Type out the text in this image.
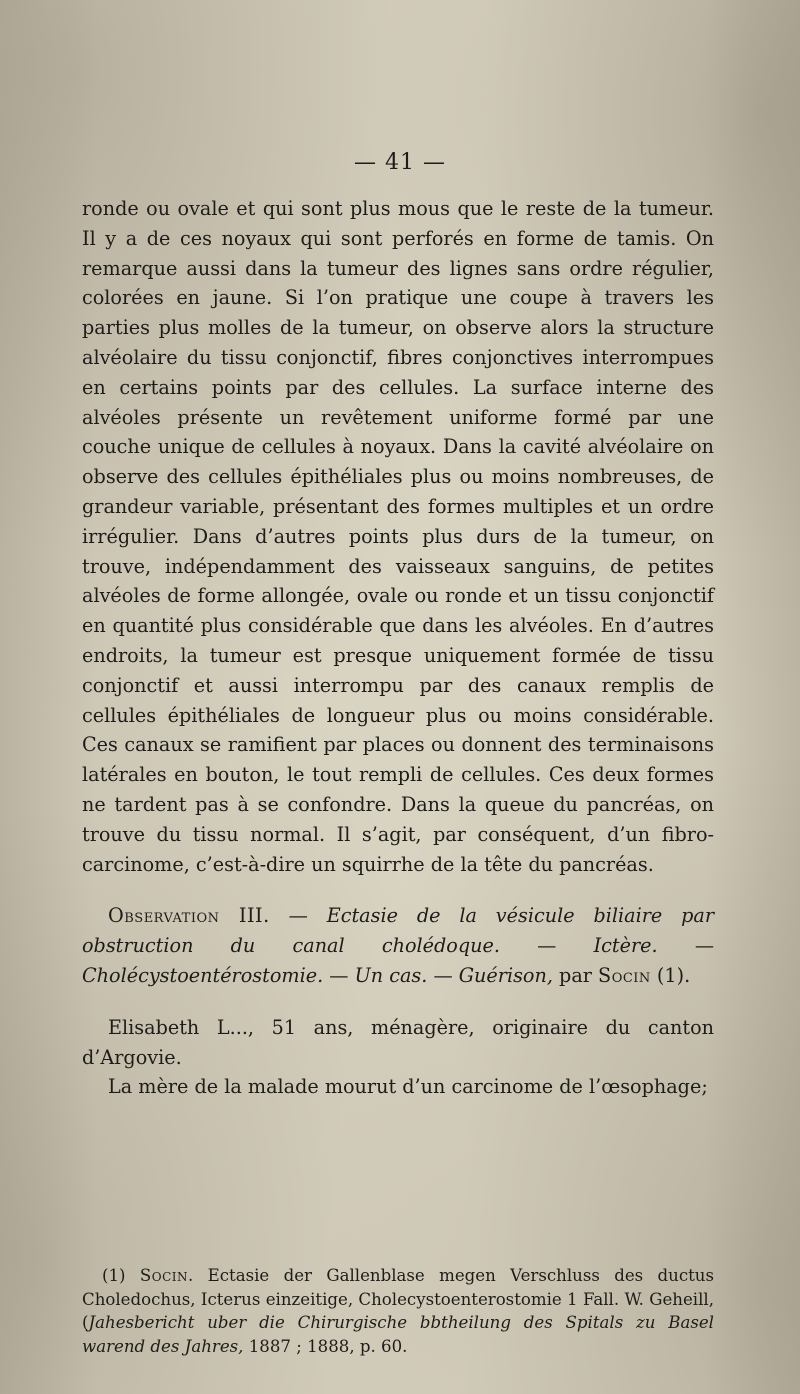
— 41 —

ronde ou ovale et qui sont plus mous que le reste de la tumeur. Il y a de ces noyaux qui sont perforés en forme de tamis. On remarque aussi dans la tumeur des lignes sans ordre régulier, colorées en jaune. Si l’on pratique une coupe à travers les parties plus molles de la tumeur, on observe alors la structure alvéolaire du tissu conjonctif, fibres conjonctives interrompues en certains points par des cellules. La surface interne des alvéoles présente un revêtement uniforme formé par une couche unique de cellules à noyaux. Dans la cavité alvéolaire on observe des cellules épithéliales plus ou moins nombreuses, de grandeur variable, présentant des formes multiples et un ordre irrégulier. Dans d’autres points plus durs de la tumeur, on trouve, indépendamment des vaisseaux sanguins, de petites alvéoles de forme allongée, ovale ou ronde et un tissu conjonctif en quantité plus considérable que dans les alvéoles. En d’autres endroits, la tumeur est presque uniquement formée de tissu conjonctif et aussi interrompu par des canaux remplis de cellules épithéliales de longueur plus ou moins considérable. Ces canaux se ramifient par places ou donnent des terminaisons latérales en bouton, le tout rempli de cellules. Ces deux formes ne tardent pas à se confondre. Dans la queue du pancréas, on trouve du tissu normal. Il s’agit, par conséquent, d’un fibro-carcinome, c’est-à-dire un squirrhe de la tête du pancréas.

Observation III. — Ectasie de la vésicule biliaire par obstruction du canal cholédoque. — Ictère. — Cholécystoentérostomie. — Un cas. — Guérison, par Socin (1).

Elisabeth L..., 51 ans, ménagère, originaire du canton d’Argovie.

La mère de la malade mourut d’un carcinome de l’œsophage;

(1) Socin. Ectasie der Gallenblase megen Verschluss des ductus Choledochus, Icterus einzeitige, Cholecystoenterostomie 1 Fall. W. Geheill, (Jahesbericht uber die Chirurgische bbtheilung des Spitals zu Basel warend des Jahres, 1887 ; 1888, p. 60.
